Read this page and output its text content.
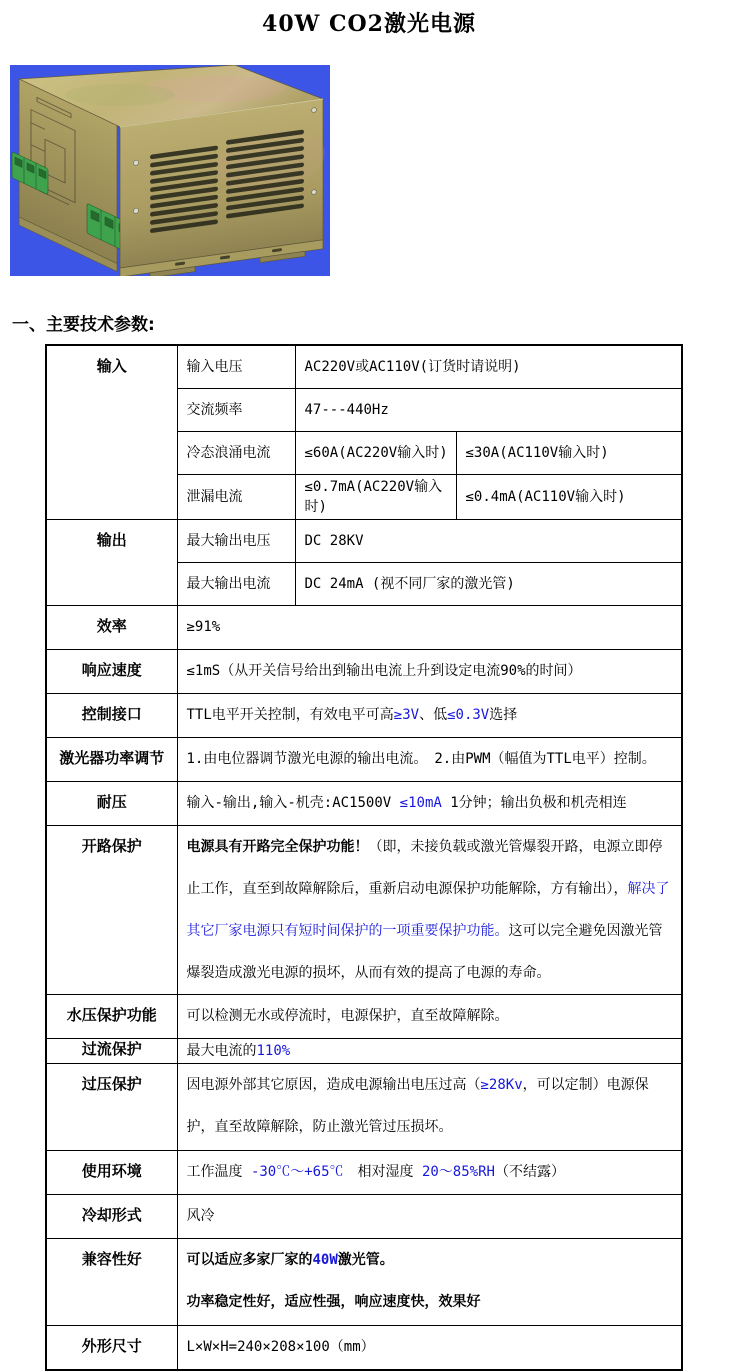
40W CO2激光电源
一、主要技术参数:
输入	输入电压	AC220V或AC110V(订货时请说明)	
	交流频率	47---440Hz	
	冷态浪涌电流	≤60A(AC220V输入时)	≤30A(AC110V输入时)
	泄漏电流	≤0.7mA(AC220V输入时)	≤0.4mA(AC110V输入时)
输出	最大输出电压	DC 28KV	
	最大输出电流	DC 24mA (视不同厂家的激光管)	
效率	≥91%		
响应速度	≤1mS（从开关信号给出到输出电流上升到设定电流90%的时间）		
控制接口	TTL电平开关控制，有效电平可高≥3V、低≤0.3V选择		
激光器功率调节	1.由电位器调节激光电源的输出电流。　2.由PWM（幅值为TTL电平）控制。		
耐压	输入-输出,输入-机壳:AC1500V ≤10mA 1分钟；输出负极和机壳相连		
开路保护	电源具有开路完全保护功能！（即，未接负载或激光管爆裂开路，电源立即停止工作，直至到故障解除后，重新启动电源保护功能解除，方有输出），解决了其它厂家电源只有短时间保护的一项重要保护功能。这可以完全避免因激光管爆裂造成激光电源的损坏，从而有效的提高了电源的寿命。		
水压保护功能	可以检测无水或停流时，电源保护，直至故障解除。		
过流保护	最大电流的110%		
过压保护	因电源外部其它原因，造成电源输出电压过高（≥28Kv，可以定制）电源保护，直至故障解除，防止激光管过压损坏。		
使用环境	工作温度 -30℃～+65℃　相对湿度 20～85%RH（不结露）		
冷却形式	风冷		
兼容性好	可以适应多家厂家的40W激光管。
功率稳定性好，适应性强，响应速度快，效果好		
外形尺寸	L×W×H=240×208×100（mm）		
